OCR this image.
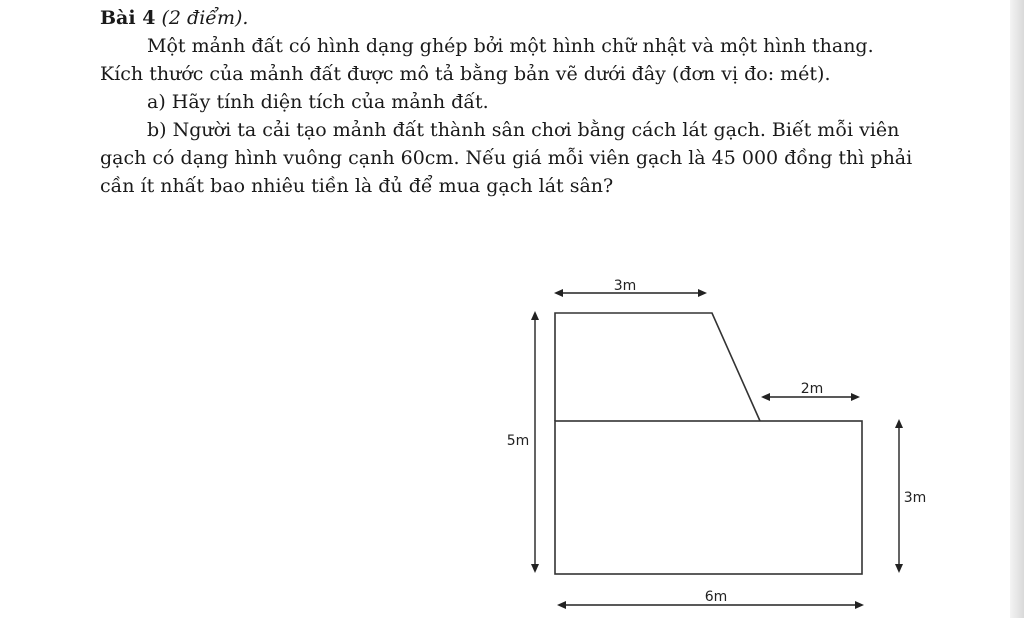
Bài 4 (2 điểm).

Một mảnh đất có hình dạng ghép bởi một hình chữ nhật và một hình thang.

Kích thước của mảnh đất được mô tả bằng bản vẽ dưới đây (đơn vị đo: mét).

a) Hãy tính diện tích của mảnh đất.

b) Người ta cải tạo mảnh đất thành sân chơi bằng cách lát gạch. Biết mỗi viên

gạch có dạng hình vuông cạnh 60cm. Nếu giá mỗi viên gạch là 45 000 đồng thì phải

cần ít nhất bao nhiêu tiền là đủ để mua gạch lát sân?

3m
2m
5m
3m
6m
